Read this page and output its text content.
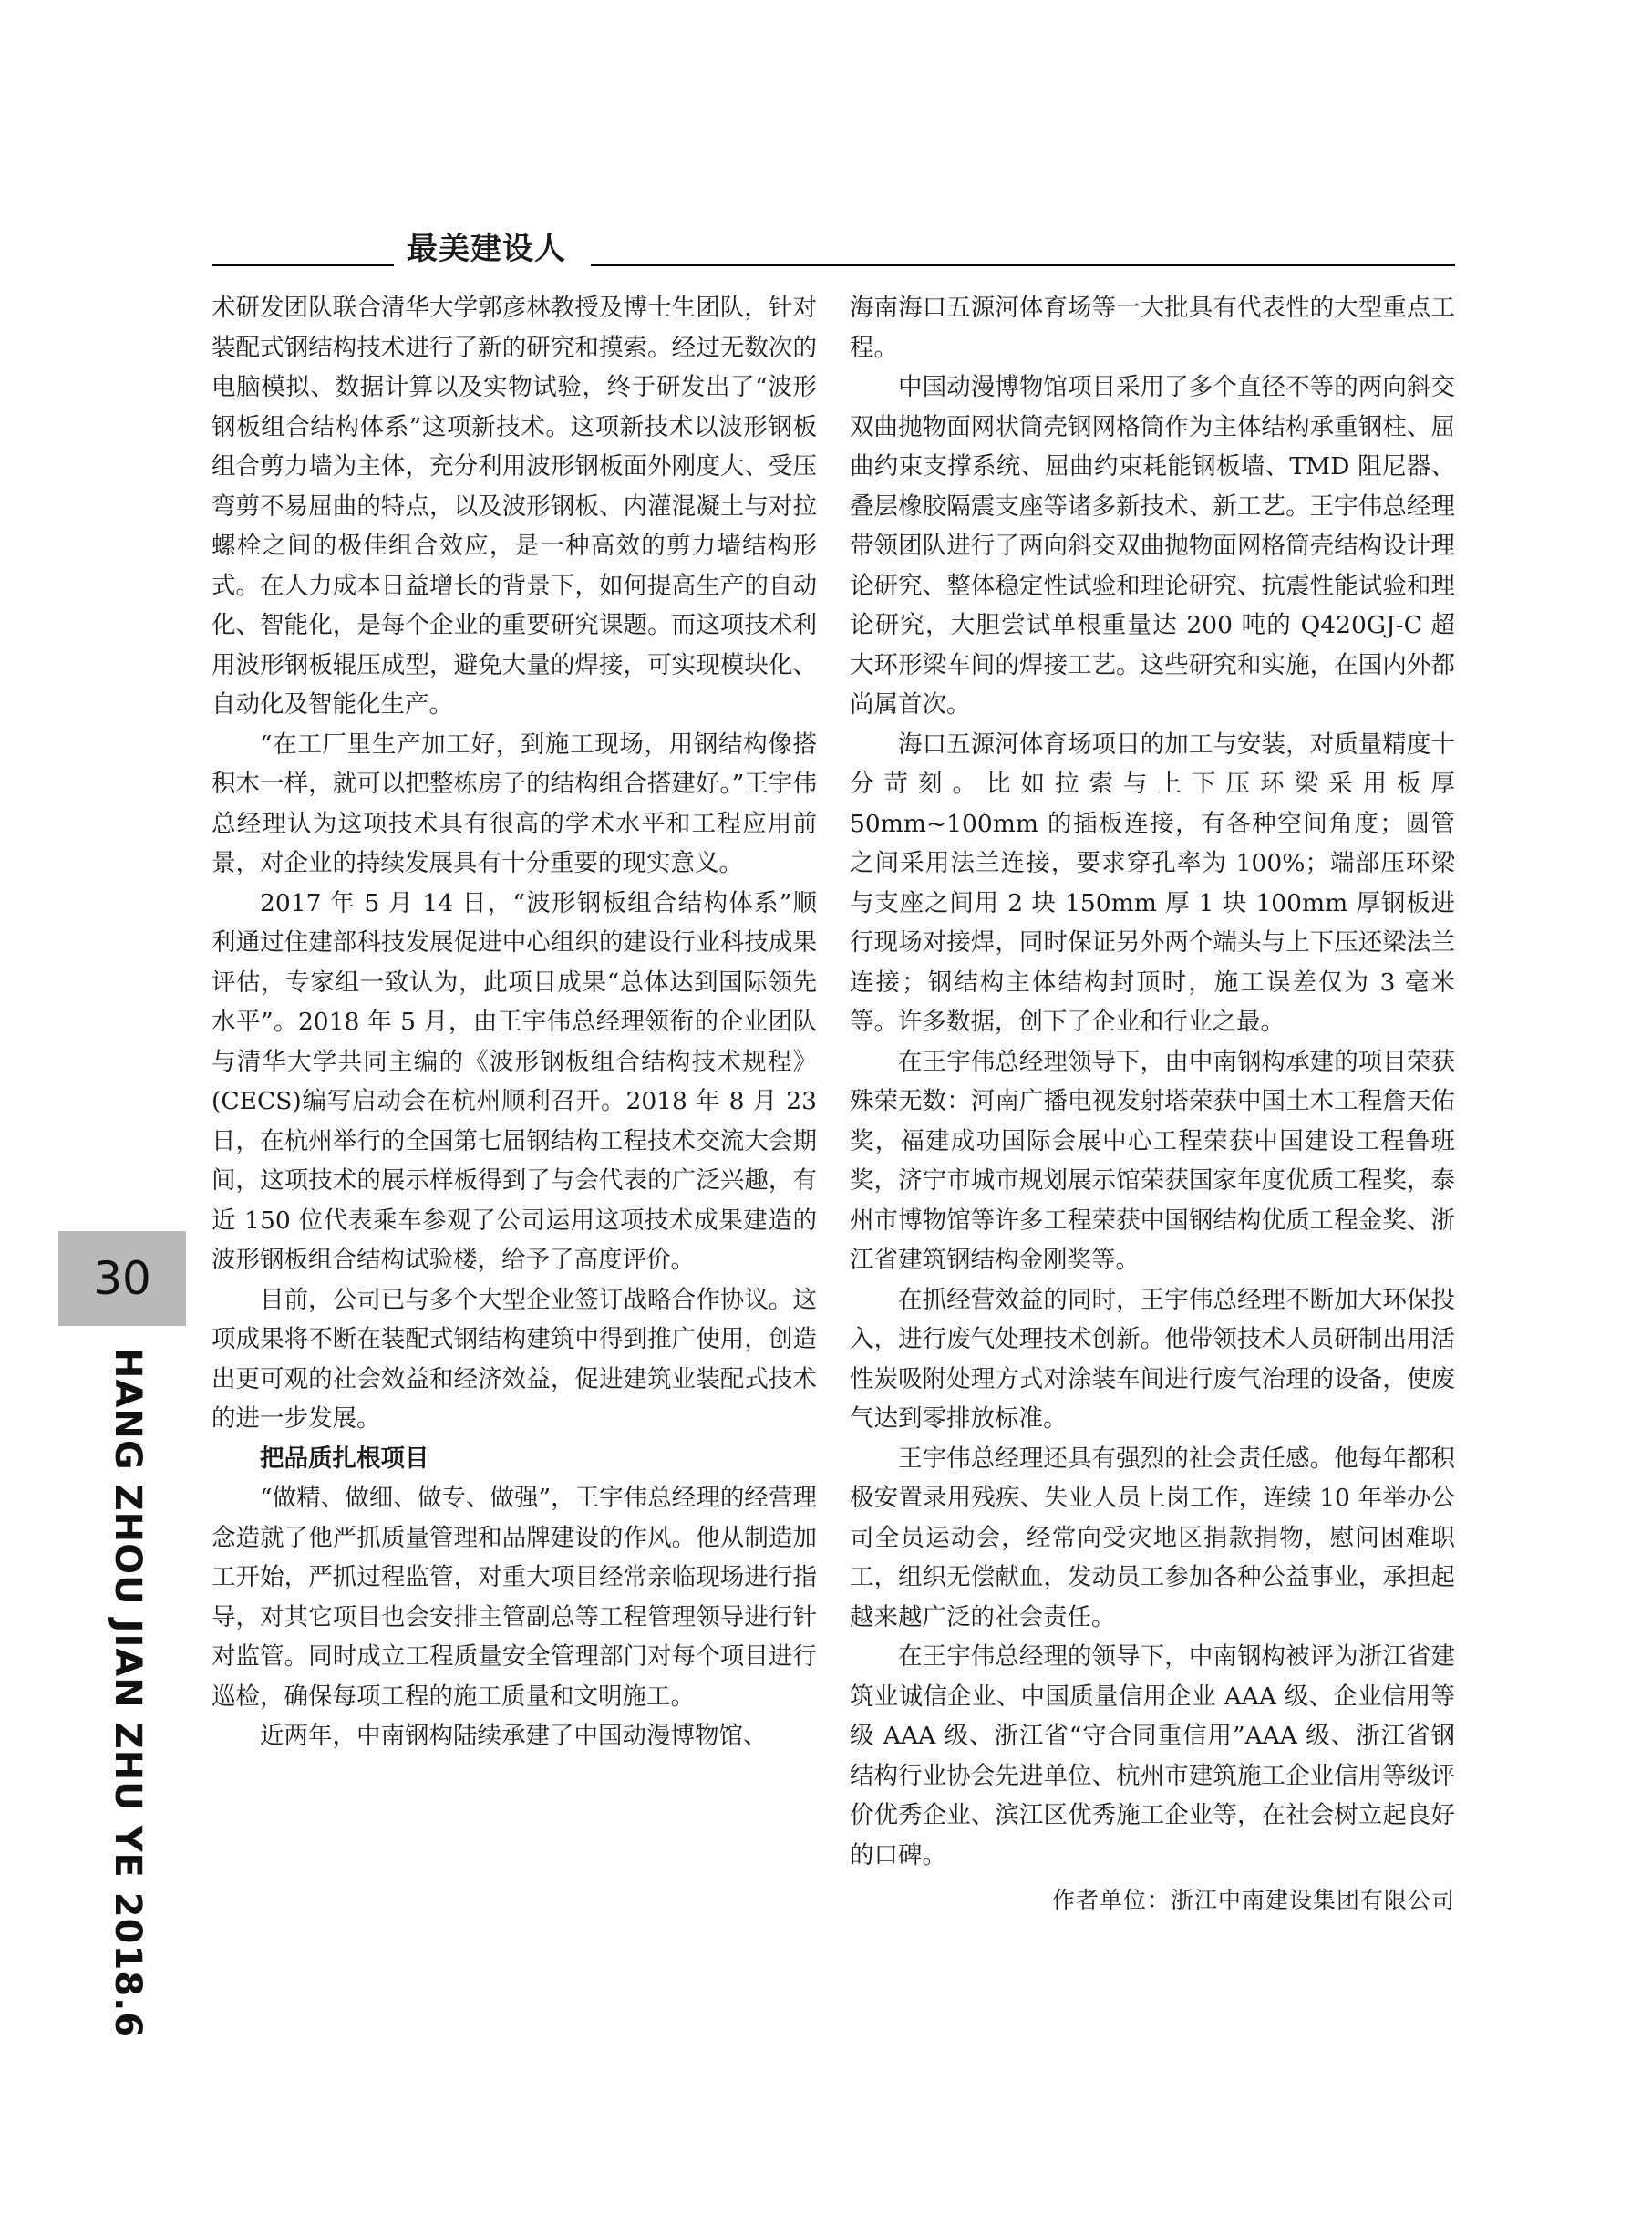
最美建设人

术研发团队联合清华大学郭彦林教授及博士生团队，针对装配式钢结构技术进行了新的研究和摸索。经过无数次的电脑模拟、数据计算以及实物试验，终于研发出了“波形钢板组合结构体系”这项新技术。这项新技术以波形钢板组合剪力墙为主体，充分利用波形钢板面外刚度大、受压弯剪不易屈曲的特点，以及波形钢板、内灌混凝土与对拉螺栓之间的极佳组合效应，是一种高效的剪力墙结构形式。在人力成本日益增长的背景下，如何提高生产的自动化、智能化，是每个企业的重要研究课题。而这项技术利用波形钢板辊压成型，避免大量的焊接，可实现模块化、自动化及智能化生产。

“在工厂里生产加工好，到施工现场，用钢结构像搭积木一样，就可以把整栋房子的结构组合搭建好。”王宇伟总经理认为这项技术具有很高的学术水平和工程应用前景，对企业的持续发展具有十分重要的现实意义。

2017 年 5 月 14 日，“波形钢板组合结构体系”顺利通过住建部科技发展促进中心组织的建设行业科技成果评估，专家组一致认为，此项目成果“总体达到国际领先水平”。2018 年 5 月，由王宇伟总经理领衔的企业团队与清华大学共同主编的《波形钢板组合结构技术规程》(CECS)编写启动会在杭州顺利召开。2018 年 8 月 23 日，在杭州举行的全国第七届钢结构工程技术交流大会期间，这项技术的展示样板得到了与会代表的广泛兴趣，有近 150 位代表乘车参观了公司运用这项技术成果建造的波形钢板组合结构试验楼，给予了高度评价。

目前，公司已与多个大型企业签订战略合作协议。这项成果将不断在装配式钢结构建筑中得到推广使用，创造出更可观的社会效益和经济效益，促进建筑业装配式技术的进一步发展。

把品质扎根项目

“做精、做细、做专、做强”，王宇伟总经理的经营理念造就了他严抓质量管理和品牌建设的作风。他从制造加工开始，严抓过程监管，对重大项目经常亲临现场进行指导，对其它项目也会安排主管副总等工程管理领导进行针对监管。同时成立工程质量安全管理部门对每个项目进行巡检，确保每项工程的施工质量和文明施工。

近两年，中南钢构陆续承建了中国动漫博物馆、

海南海口五源河体育场等一大批具有代表性的大型重点工程。

中国动漫博物馆项目采用了多个直径不等的两向斜交双曲抛物面网状筒壳钢网格筒作为主体结构承重钢柱、屈曲约束支撑系统、屈曲约束耗能钢板墙、TMD 阻尼器、叠层橡胶隔震支座等诸多新技术、新工艺。王宇伟总经理带领团队进行了两向斜交双曲抛物面网格筒壳结构设计理论研究、整体稳定性试验和理论研究、抗震性能试验和理论研究，大胆尝试单根重量达 200 吨的 Q420GJ-C 超大环形梁车间的焊接工艺。这些研究和实施，在国内外都尚属首次。

海口五源河体育场项目的加工与安装，对质量精度十分苛刻。比如拉索与上下压环梁采用板厚 50mm~100mm 的插板连接，有各种空间角度；圆管之间采用法兰连接，要求穿孔率为 100%；端部压环梁与支座之间用 2 块 150mm 厚 1 块 100mm 厚钢板进行现场对接焊，同时保证另外两个端头与上下压还梁法兰连接；钢结构主体结构封顶时，施工误差仅为 3 毫米等。许多数据，创下了企业和行业之最。

在王宇伟总经理领导下，由中南钢构承建的项目荣获殊荣无数：河南广播电视发射塔荣获中国土木工程詹天佑奖，福建成功国际会展中心工程荣获中国建设工程鲁班奖，济宁市城市规划展示馆荣获国家年度优质工程奖，泰州市博物馆等许多工程荣获中国钢结构优质工程金奖、浙江省建筑钢结构金刚奖等。

在抓经营效益的同时，王宇伟总经理不断加大环保投入，进行废气处理技术创新。他带领技术人员研制出用活性炭吸附处理方式对涂装车间进行废气治理的设备，使废气达到零排放标准。

王宇伟总经理还具有强烈的社会责任感。他每年都积极安置录用残疾、失业人员上岗工作，连续 10 年举办公司全员运动会，经常向受灾地区捐款捐物，慰问困难职工，组织无偿献血，发动员工参加各种公益事业，承担起越来越广泛的社会责任。

在王宇伟总经理的领导下，中南钢构被评为浙江省建筑业诚信企业、中国质量信用企业 AAA 级、企业信用等级 AAA 级、浙江省“守合同重信用”AAA 级、浙江省钢结构行业协会先进单位、杭州市建筑施工企业信用等级评价优秀企业、滨江区优秀施工企业等，在社会树立起良好的口碑。

作者单位：浙江中南建设集团有限公司

30
HANG ZHOU JIAN ZHU YE 2018.6
